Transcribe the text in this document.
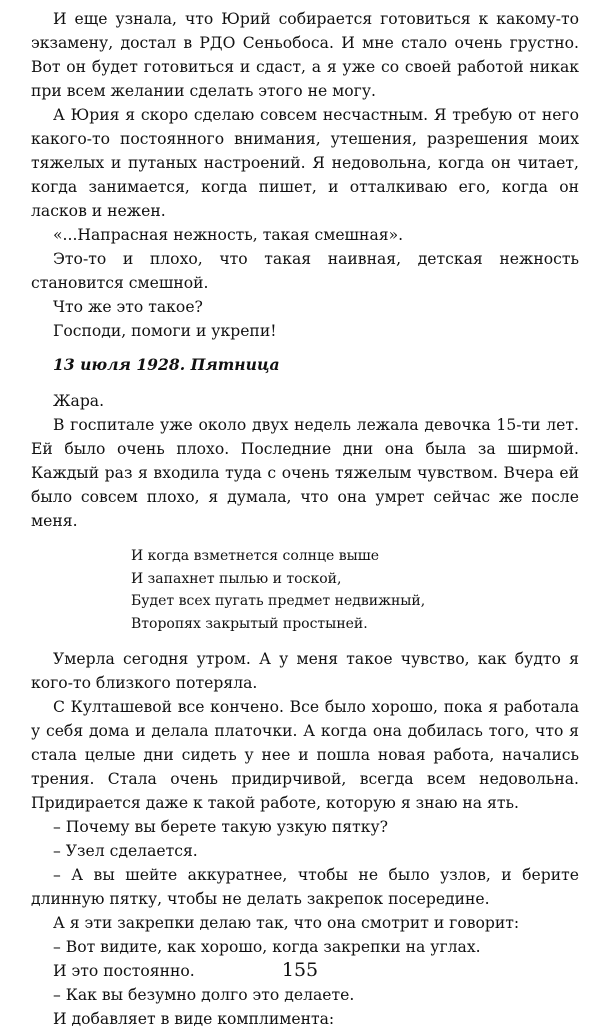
И еще узнала, что Юрий собирается готовиться к какому-то экзамену, достал в РДО Сеньобоса. И мне стало очень грустно. Вот он будет готовиться и сдаст, а я уже со своей работой никак при всем желании сделать этого не могу.

А Юрия я скоро сделаю совсем несчастным. Я требую от него какого-то постоянного внимания, утешения, разрешения моих тяжелых и путаных настроений. Я недовольна, когда он читает, когда занимается, когда пишет, и отталкиваю его, когда он ласков и нежен.

«...Напрасная нежность, такая смешная».

Это-то и плохо, что такая наивная, детская нежность становится смешной.

Что же это такое?

Господи, помоги и укрепи!

13 июля 1928. Пятница

Жара.

В госпитале уже около двух недель лежала девочка 15-ти лет. Ей было очень плохо. Последние дни она была за ширмой. Каждый раз я входила туда с очень тяжелым чувством. Вчера ей было совсем плохо, я думала, что она умрет сейчас же после меня.

И когда взметнется солнце выше
И запахнет пылью и тоской,
Будет всех пугать предмет недвижный,
Второпях закрытый простыней.

Умерла сегодня утром. А у меня такое чувство, как будто я кого-то близкого потеряла.

С Култашевой все кончено. Все было хорошо, пока я работала у себя дома и делала платочки. А когда она добилась того, что я стала целые дни сидеть у нее и пошла новая работа, начались трения. Стала очень придирчивой, всегда всем недовольна. Придирается даже к такой работе, которую я знаю на ять.

– Почему вы берете такую узкую пятку?

– Узел сделается.

– А вы шейте аккуратнее, чтобы не было узлов, и берите длинную пятку, чтобы не делать закрепок посередине.

А я эти закрепки делаю так, что она смотрит и говорит:

– Вот видите, как хорошо, когда закрепки на углах.

И это постоянно.

– Как вы безумно долго это делаете.

И добавляет в виде комплимента:

155
